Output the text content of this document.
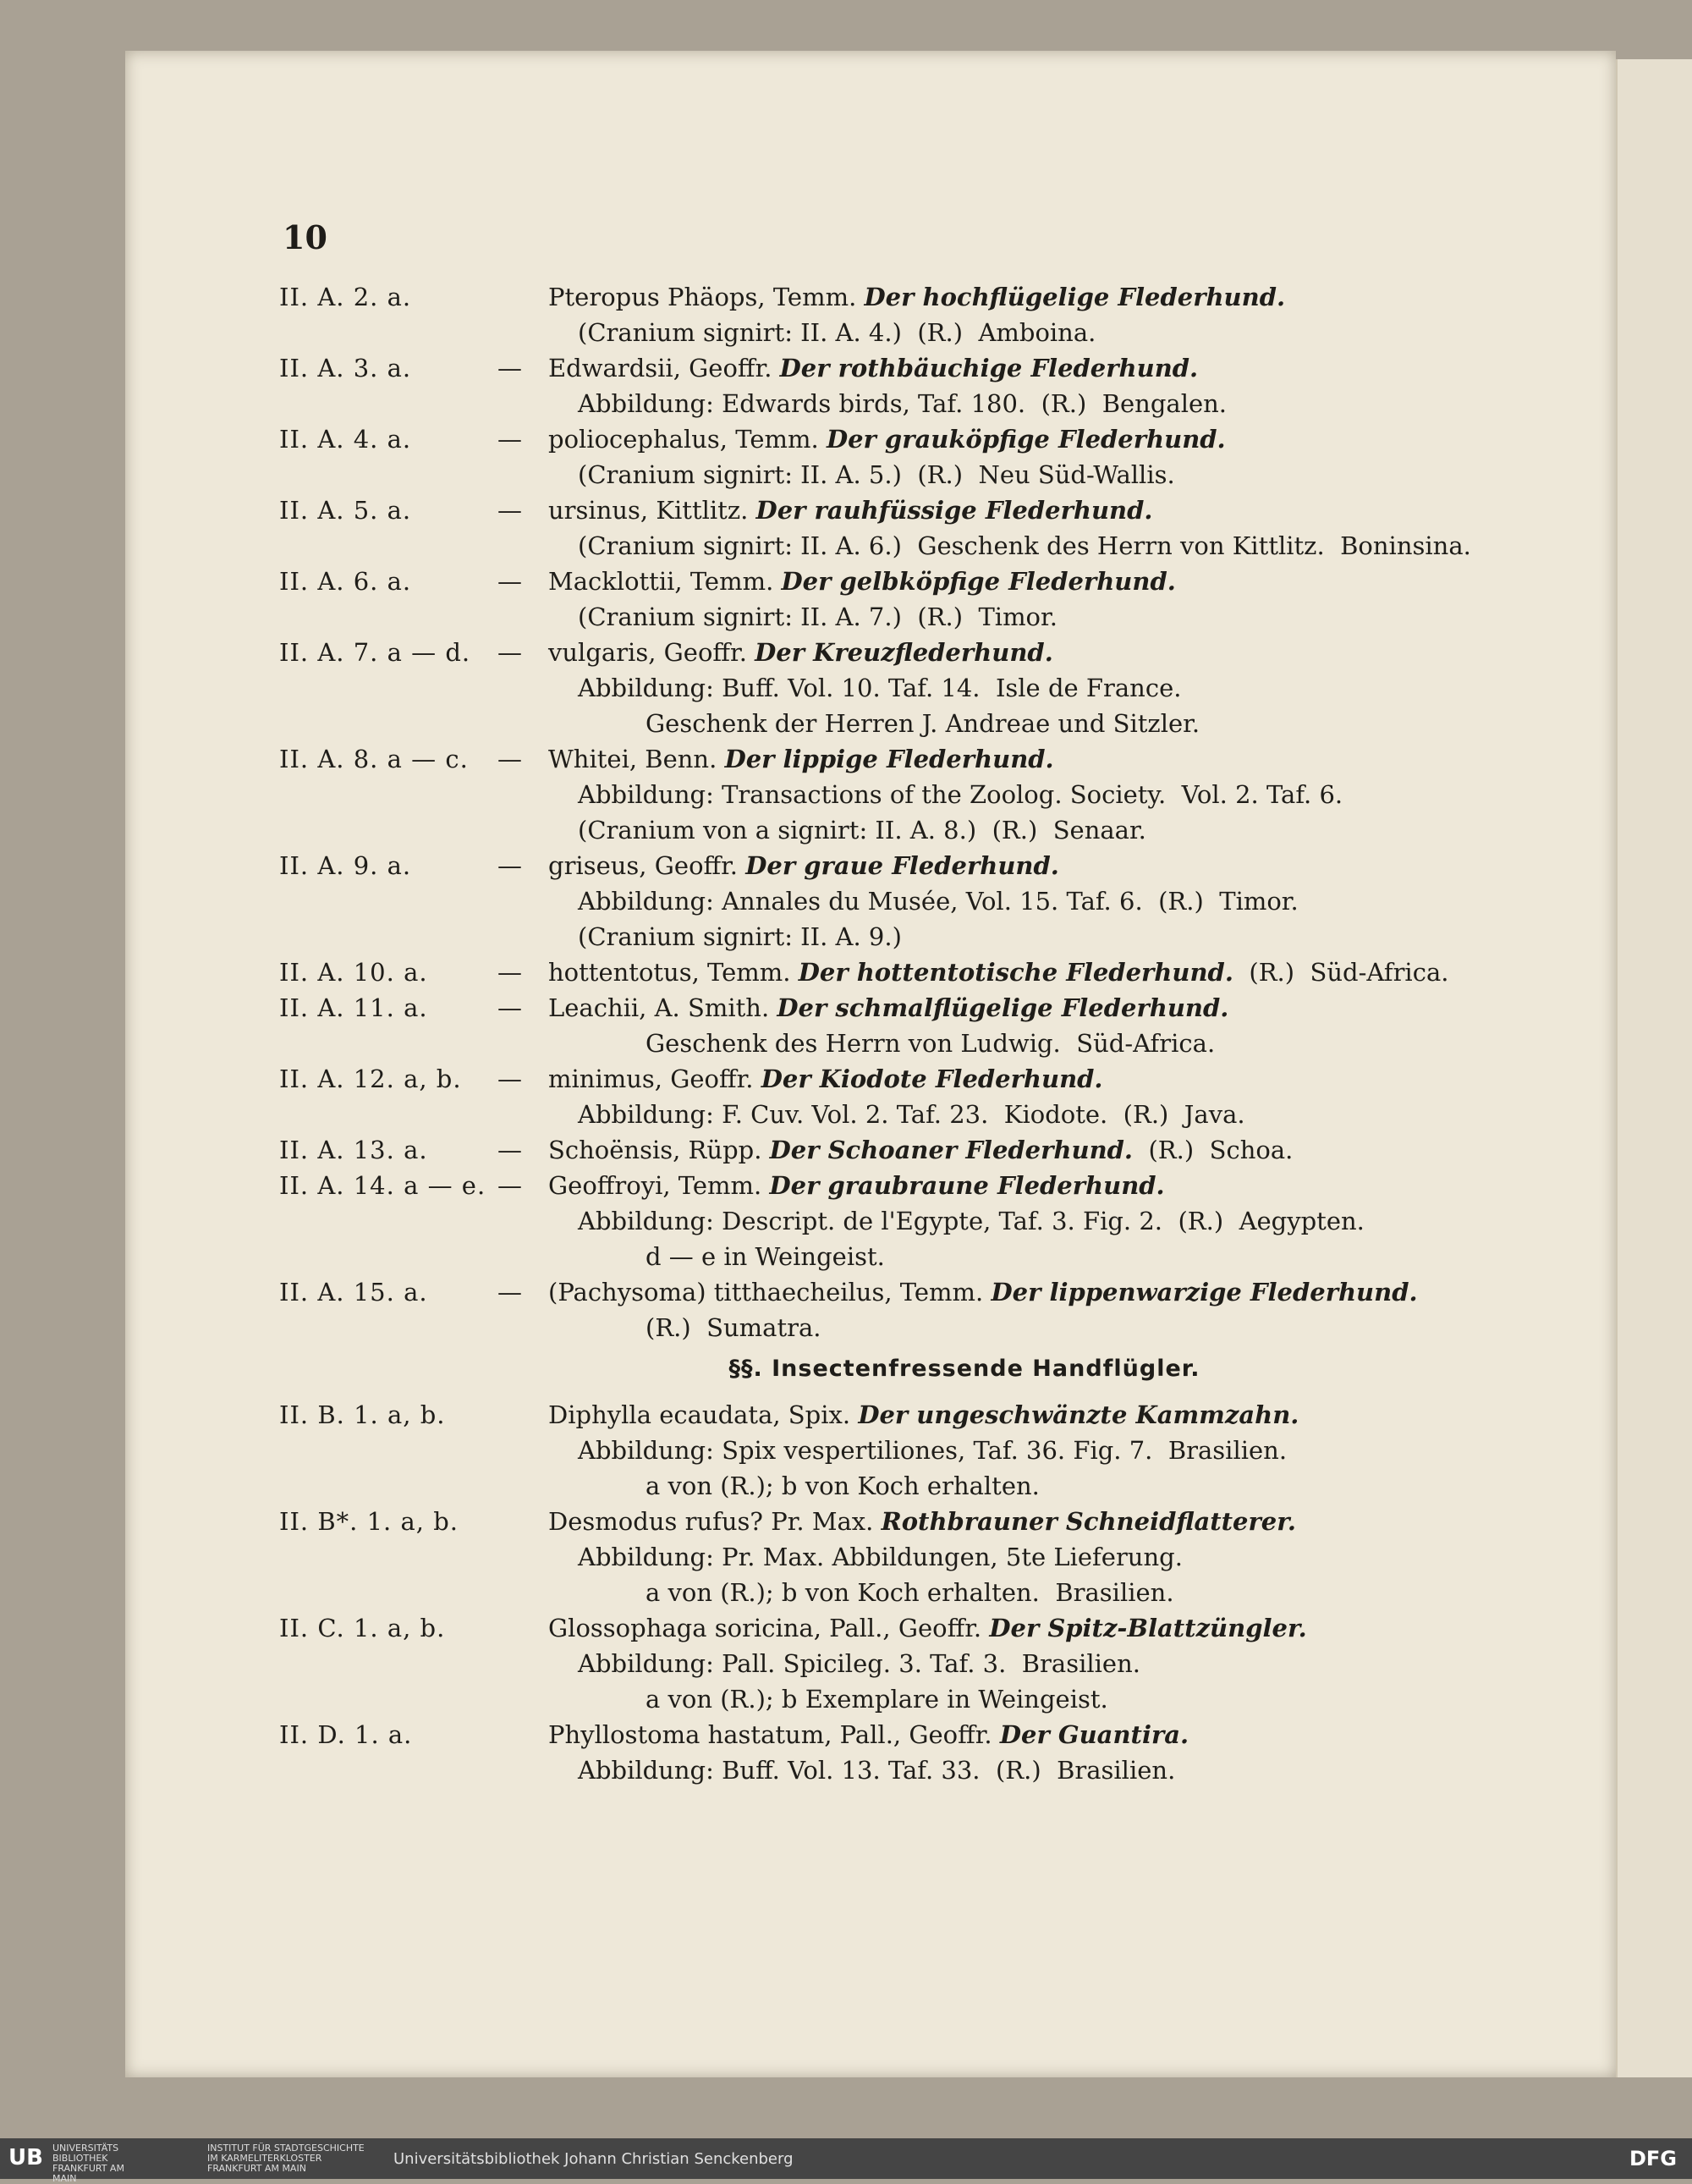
10
II. A. 2. a.	Pteropus Phäops, Temm. Der hochflügelige Flederhund.
(Cranium signirt: II. A. 4.)  (R.)  Amboina.
II. A. 3. a.	— Edwardsii, Geoffr. Der rothbäuchige Flederhund.
Abbildung: Edwards birds, Taf. 180.  (R.)  Bengalen.
II. A. 4. a.	— poliocephalus, Temm. Der grauköpfige Flederhund.
(Cranium signirt: II. A. 5.)  (R.)  Neu Süd-Wallis.
II. A. 5. a.	— ursinus, Kittlitz. Der rauhfüssige Flederhund.
(Cranium signirt: II. A. 6.)  Geschenk des Herrn von Kittlitz.  Boninsina.
II. A. 6. a.	— Macklottii, Temm. Der gelbköpfige Flederhund.
(Cranium signirt: II. A. 7.)  (R.)  Timor.
II. A. 7. a — d.	— vulgaris, Geoffr. Der Kreuzflederhund.
Abbildung: Buff. Vol. 10. Taf. 14.  Isle de France.
Geschenk der Herren J. Andreae und Sitzler.
II. A. 8. a — c.	— Whitei, Benn. Der lippige Flederhund.
Abbildung: Transactions of the Zoolog. Society.  Vol. 2. Taf. 6.
(Cranium von a signirt: II. A. 8.)  (R.)  Senaar.
II. A. 9. a.	— griseus, Geoffr. Der graue Flederhund.
Abbildung: Annales du Musée, Vol. 15. Taf. 6.  (R.)  Timor.
(Cranium signirt: II. A. 9.)
II. A. 10. a.	— hottentotus, Temm. Der hottentotische Flederhund.  (R.)  Süd-Africa.
II. A. 11. a.	— Leachii, A. Smith. Der schmalflügelige Flederhund.
Geschenk des Herrn von Ludwig.  Süd-Africa.
II. A. 12. a, b.	— minimus, Geoffr. Der Kiodote Flederhund.
Abbildung: F. Cuv. Vol. 2. Taf. 23.  Kiodote.  (R.)  Java.
II. A. 13. a.	— Schoënsis, Rüpp. Der Schoaner Flederhund.  (R.)  Schoa.
II. A. 14. a — e. — Geoffroyi, Temm. Der graubraune Flederhund.
Abbildung: Descript. de l'Egypte, Taf. 3. Fig. 2.  (R.)  Aegypten.
d — e in Weingeist.
II. A. 15. a.	— (Pachysoma) titthaecheilus, Temm. Der lippenwarzige Flederhund.
(R.)  Sumatra.
§§. Insectenfressende Handflügler.
II. B. 1. a, b.	Diphylla ecaudata, Spix. Der ungeschwänzte Kammzahn.
Abbildung: Spix vespertiliones, Taf. 36. Fig. 7.  Brasilien.
a von (R.); b von Koch erhalten.
II. B*. 1. a, b.	Desmodus rufus? Pr. Max. Rothbrauner Schneidflatterer.
Abbildung: Pr. Max. Abbildungen, 5te Lieferung.
a von (R.); b von Koch erhalten.  Brasilien.
II. C. 1. a, b.	Glossophaga soricina, Pall., Geoffr. Der Spitz-Blattzüngler.
Abbildung: Pall. Spicileg. 3. Taf. 3.  Brasilien.
a von (R.); b Exemplare in Weingeist.
II. D. 1. a.	Phyllostoma hastatum, Pall., Geoffr. Der Guantira.
Abbildung: Buff. Vol. 13. Taf. 33.  (R.)  Brasilien.
UB UNIVERSITÄTS BIBLIOTHEK FRANKFURT AM MAIN
INSTITUT FÜR STADTGESCHICHTE IM KARMELITERKLOSTER FRANKFURT AM MAIN
Universitätsbibliothek Johann Christian Senckenberg	DFG
